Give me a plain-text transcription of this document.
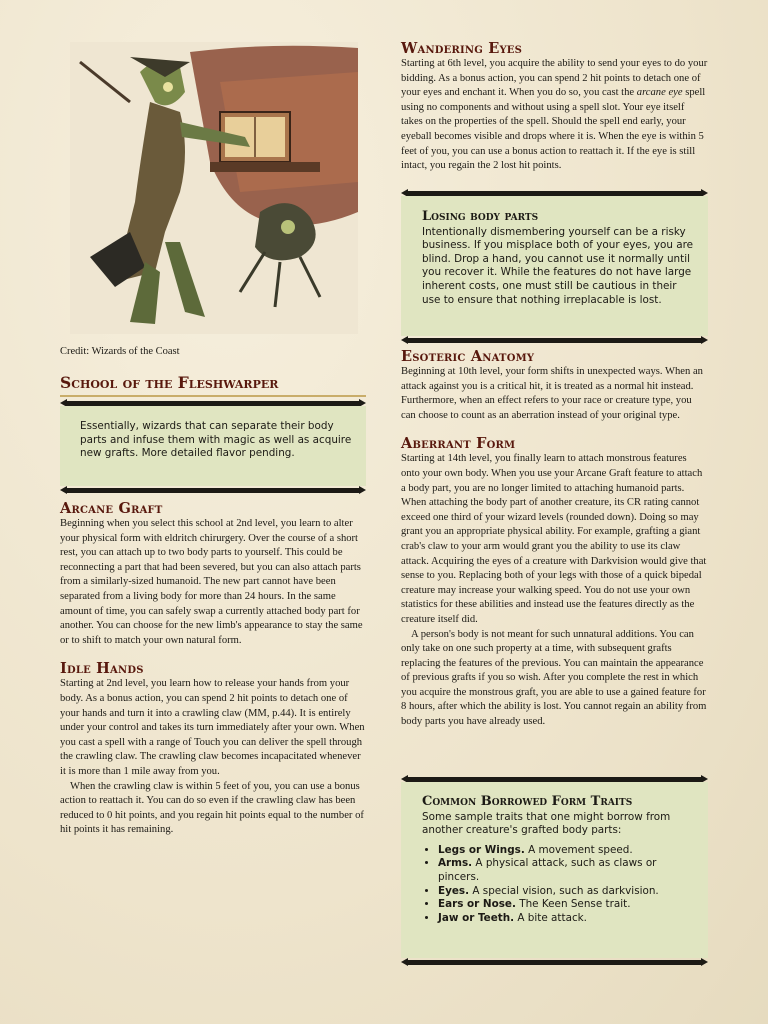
Credit: Wizards of the Coast
School of the Fleshwarper
Essentially, wizards that can separate their body parts and infuse them with magic as well as acquire new grafts. More detailed flavor pending.
Arcane Graft

Beginning when you select this school at 2nd level, you learn to alter your physical form with eldritch chirurgery. Over the course of a short rest, you can attach up to two body parts to yourself. This could be reconnecting a part that had been severed, but you can also attach parts from a similarly-sized humanoid. The new part cannot have been separated from a living body for more than 24 hours. In the same amount of time, you can safely swap a currently attached body part for another. You can choose for the new limb's appearance to stay the same or to shift to match your own natural form.

Idle Hands

Starting at 2nd level, you learn how to release your hands from your body. As a bonus action, you can spend 2 hit points to detach one of your hands and turn it into a crawling claw (MM, p.44). It is entirely under your control and takes its turn immediately after your own. When you cast a spell with a range of Touch you can deliver the spell through the crawling claw. The crawling claw becomes incapacitated whenever it is more than 1 mile away from you.

When the crawling claw is within 5 feet of you, you can use a bonus action to reattach it. You can do so even if the crawling claw has been reduced to 0 hit points, and you regain hit points equal to the number of hit points it has remaining.

Wandering Eyes

Starting at 6th level, you acquire the ability to send your eyes to do your bidding. As a bonus action, you can spend 2 hit points to detach one of your eyes and enchant it. When you do so, you cast the arcane eye spell using no components and without using a spell slot. Your eye itself takes on the properties of the spell. Should the spell end early, your eyeball becomes visible and drops where it is. When the eye is within 5 feet of you, you can use a bonus action to reattach it. If the eye is still intact, you regain the 2 lost hit points.

Losing body parts
Intentionally dismembering yourself can be a risky business. If you misplace both of your eyes, you are blind. Drop a hand, you cannot use it normally until you recover it. While the features do not have large inherent costs, one must still be cautious in their use to ensure that nothing irreplacable is lost.
Esoteric Anatomy

Beginning at 10th level, your form shifts in unexpected ways. When an attack against you is a critical hit, it is treated as a normal hit instead. Furthermore, when an effect refers to your race or creature type, you can choose to count as an aberration instead of your original type.

Aberrant Form

Starting at 14th level, you finally learn to attach monstrous features onto your own body. When you use your Arcane Graft feature to attach a body part, you are no longer limited to attaching humanoid parts. When attaching the body part of another creature, its CR rating cannot exceed one third of your wizard levels (rounded down). Doing so may grant you an appropriate physical ability. For example, grafting a giant crab's claw to your arm would grant you the ability to use its claw attack. Acquiring the eyes of a creature with Darkvision would give that sense to you. Replacing both of your legs with those of a quick bipedal creature may increase your walking speed. You do not use your own statistics for these abilities and instead use the features directly as the creature itself did.

A person's body is not meant for such unnatural additions. You can only take on one such property at a time, with subsequent grafts replacing the features of the previous. You can maintain the appearance of previous grafts if you so wish. After you complete the rest in which you acquire the monstrous graft, you are able to use a gained feature for 8 hours, after which the ability is lost. You cannot regain an ability from body parts you have already used.

Common Borrowed Form Traits
Some sample traits that one might borrow from another creature's grafted body parts:
• Legs or Wings. A movement speed.
• Arms. A physical attack, such as claws or pincers.
• Eyes. A special vision, such as darkvision.
• Ears or Nose. The Keen Sense trait.
• Jaw or Teeth. A bite attack.
